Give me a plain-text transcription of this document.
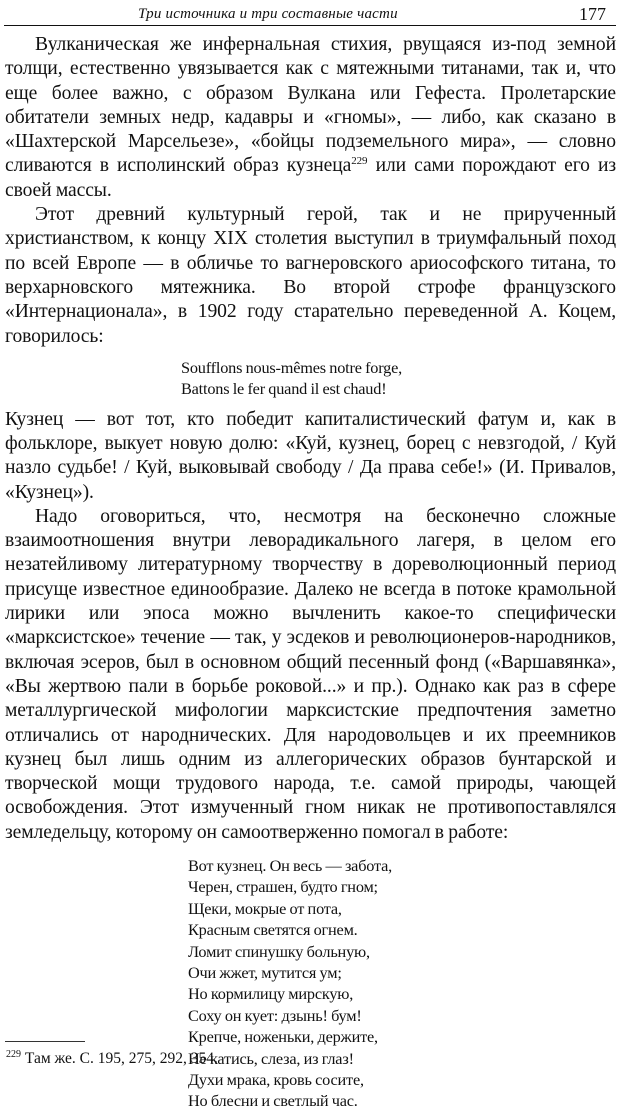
Три источника и три составные части	177

Вулканическая же инфернальная стихия, рвущаяся из-под земной толщи, естественно увязывается как с мятежными титанами, так и, что еще более важно, с образом Вулкана или Гефеста. Пролетарские обитатели земных недр, кадавры и «гномы», — либо, как сказано в «Шахтерской Марсельезе», «бойцы подземельного мира», — словно сливаются в исполинский образ кузнеца$^{229}$ или сами порождают его из своей массы.

Этот древний культурный герой, так и не прирученный христианством, к концу XIX столетия выступил в триумфальный поход по всей Европе — в обличье то вагнеровского ариософского титана, то верхарновского мятежника. Во второй строфе французского «Интернационала», в 1902 году старательно переведенной А. Коцем, говорилось:

Soufflons nous-mêmes notre forge,
Battons le fer quand il est chaud!

Кузнец — вот тот, кто победит капиталистический фатум и, как в фольклоре, выкует новую долю: «Куй, кузнец, борец с невзгодой, / Куй назло судьбе! / Куй, выковывай свободу / Да права себе!» (И. Привалов, «Кузнец»).

Надо оговориться, что, несмотря на бесконечно сложные взаимоотношения внутри леворадикального лагеря, в целом его незатейливому литературному творчеству в дореволюционный период присуще известное единообразие. Далеко не всегда в потоке крамольной лирики или эпоса можно вычленить какое-то специфически «марксистское» течение — так, у эсдеков и революционеров-народников, включая эсеров, был в основном общий песенный фонд («Варшавянка», «Вы жертвою пали в борьбе роковой...» и пр.). Однако как раз в сфере металлургической мифологии марксистские предпочтения заметно отличались от народнических. Для народовольцев и их преемников кузнец был лишь одним из аллегорических образов бунтарской и творческой мощи трудового народа, т.е. самой природы, чающей освобождения. Этот измученный гном никак не противопоставлялся земледельцу, которому он самоотверженно помогал в работе:

Вот кузнец. Он весь — забота,
Черен, страшен, будто гном;
Щеки, мокрые от пота,
Красным светятся огнем.
Ломит спинушку больную,
Очи жжет, мутится ум;
Но кормилицу мирскую,
Соху он кует: дзынь! бум!
Крепче, ноженьки, держите,
Не катись, слеза, из глаз!
Духи мрака, кровь сосите,
Но блесни и светлый час.
$^{229}$ Там же. С. 195, 275, 292, 354.
